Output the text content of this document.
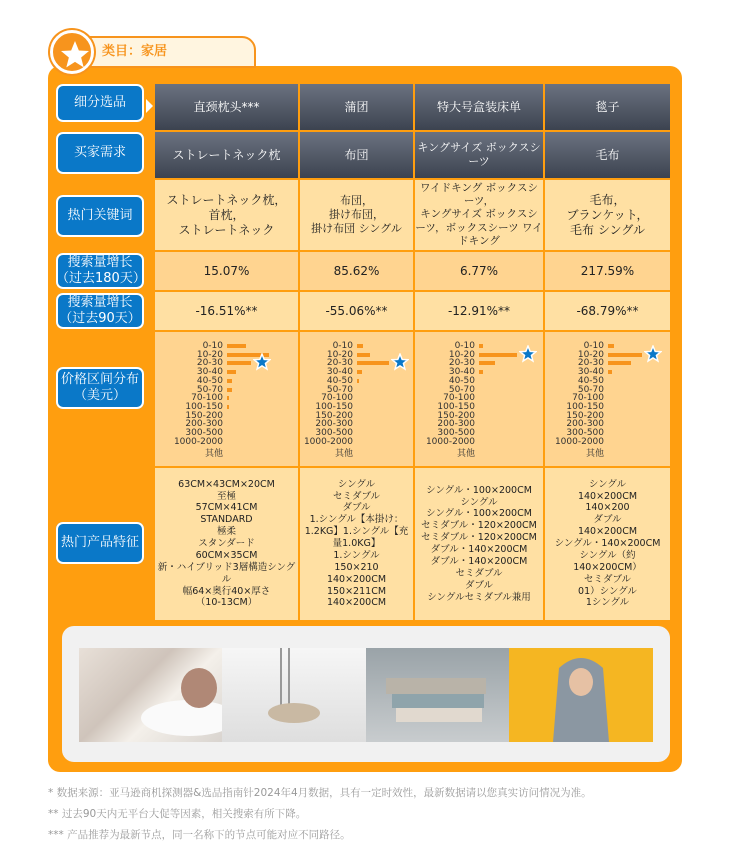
类目：家居
细分选品
买家需求
热门关键词
搜索量增长
（过去180天）
搜索量增长
（过去90天）
价格区间分布
（美元）
热门产品特征
直颈枕头***
ストレートネック枕
ストレートネック枕，
首枕，
ストレートネック
15.07%
-16.51%**
0-10
10-20
20-30
30-40
40-50
50-70
70-100
100-150
150-200
200-300
300-500
1000-2000
其他
63CM×43CM×20CM
至極
57CM×41CM
STANDARD
極柔
スタンダード
60CM×35CM
新・ハイブリッド3層構造シングル
幅64×奥行40×厚さ
（10-13CM）
蒲团
布団
布団，
掛け布団，
掛け布団 シングル
85.62%
-55.06%**
0-10
10-20
20-30
30-40
40-50
50-70
70-100
100-150
150-200
200-300
300-500
1000-2000
其他
シングル
セミダブル
ダブル
1.シングル【本掛け：1.2KG】1.シングル【充量1.0KG】
1.シングル
150×210
140×200CM
150×211CM
140×200CM
特大号盒装床单
キングサイズ ボックスシーツ
ワイドキング ボックスシーツ，
キングサイズ ボックスシーツ，ボックスシーツ ワイドキング
6.77%
-12.91%**
0-10
10-20
20-30
30-40
40-50
50-70
70-100
100-150
150-200
200-300
300-500
1000-2000
其他
シングル・100×200CM
シングル
シングル・100×200CM
セミダブル・120×200CM
セミダブル・120×200CM
ダブル・140×200CM
ダブル・140×200CM
セミダブル
ダブル
シングルセミダブル兼用
毯子
毛布
毛布，
ブランケット，
毛布 シングル
217.59%
-68.79%**
0-10
10-20
20-30
30-40
40-50
50-70
70-100
100-150
150-200
200-300
300-500
1000-2000
其他
シングル
140×200CM
140×200
ダブル
140×200CM
シングル・140×200CM
シングル（約140×200CM）
セミダブル
01）シングル
1シングル
* 数据来源：亚马逊商机探测器&选品指南针2024年4月数据，具有一定时效性，最新数据请以您真实访问情况为准。
** 过去90天内无平台大促等因素，相关搜索有所下降。
*** 产品推荐为最新节点，同一名称下的节点可能对应不同路径。
